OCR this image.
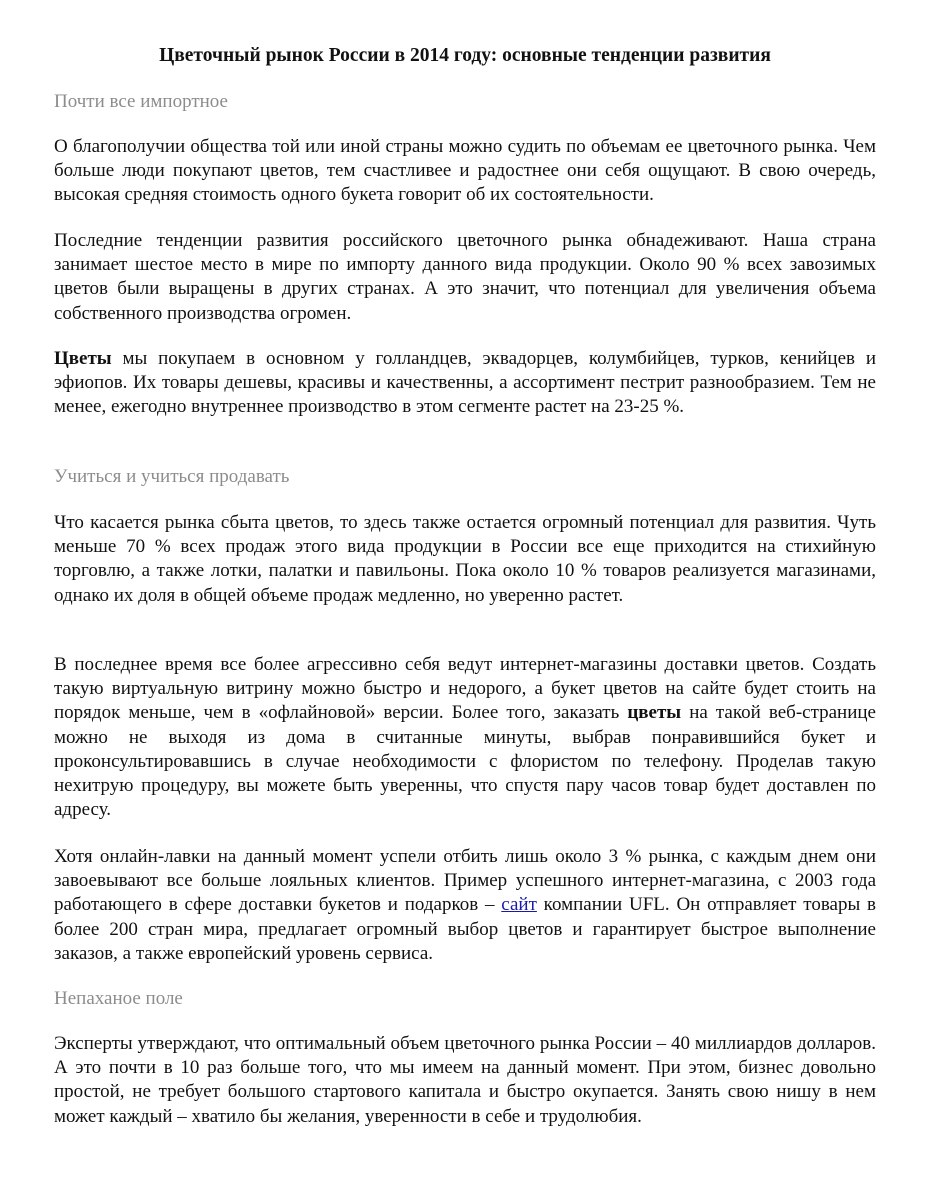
Цветочный рынок России в 2014 году: основные тенденции развития
Почти все импортное

О благополучии общества той или иной страны можно судить по объемам ее цветочного рынка. Чем больше люди покупают цветов, тем счастливее и радостнее они себя ощущают. В свою очередь, высокая средняя стоимость одного букета говорит об их состоятельности.

Последние тенденции развития российского цветочного рынка обнадеживают. Наша страна занимает шестое место в мире по импорту данного вида продукции. Около 90 % всех завозимых цветов были выращены в других странах. А это значит, что потенциал для увеличения объема собственного производства огромен.

Цветы мы покупаем в основном у голландцев, эквадорцев, колумбийцев, турков, кенийцев и эфиопов. Их товары дешевы, красивы и качественны, а ассортимент пестрит разнообразием. Тем не менее, ежегодно внутреннее производство в этом сегменте растет на 23-25 %.

Учиться и учиться продавать

Что касается рынка сбыта цветов, то здесь также остается огромный потенциал для развития. Чуть меньше 70 % всех продаж этого вида продукции в России все еще приходится на стихийную торговлю, а также лотки, палатки и павильоны. Пока около 10 % товаров реализуется магазинами, однако их доля в общей объеме продаж медленно, но уверенно растет.

В последнее время все более агрессивно себя ведут интернет-магазины доставки цветов. Создать такую виртуальную витрину можно быстро и недорого, а букет цветов на сайте будет стоить на порядок меньше, чем в «офлайновой» версии. Более того, заказать цветы на такой веб-странице можно не выходя из дома в считанные минуты, выбрав понравившийся букет и проконсультировавшись в случае необходимости с флористом по телефону. Проделав такую нехитрую процедуру, вы можете быть уверенны, что спустя пару часов товар будет доставлен по адресу.

Хотя онлайн-лавки на данный момент успели отбить лишь около 3 % рынка, с каждым днем они завоевывают все больше лояльных клиентов. Пример успешного интернет-магазина, с 2003 года работающего в сфере доставки букетов и подарков – сайт компании UFL. Он отправляет товары в более 200 стран мира, предлагает огромный выбор цветов и гарантирует быстрое выполнение заказов, а также европейский уровень сервиса.

Непаханое поле

Эксперты утверждают, что оптимальный объем цветочного рынка России – 40 миллиардов долларов. А это почти в 10 раз больше того, что мы имеем на данный момент. При этом, бизнес довольно простой, не требует большого стартового капитала и быстро окупается. Занять свою нишу в нем может каждый – хватило бы желания, уверенности в себе и трудолюбия.
